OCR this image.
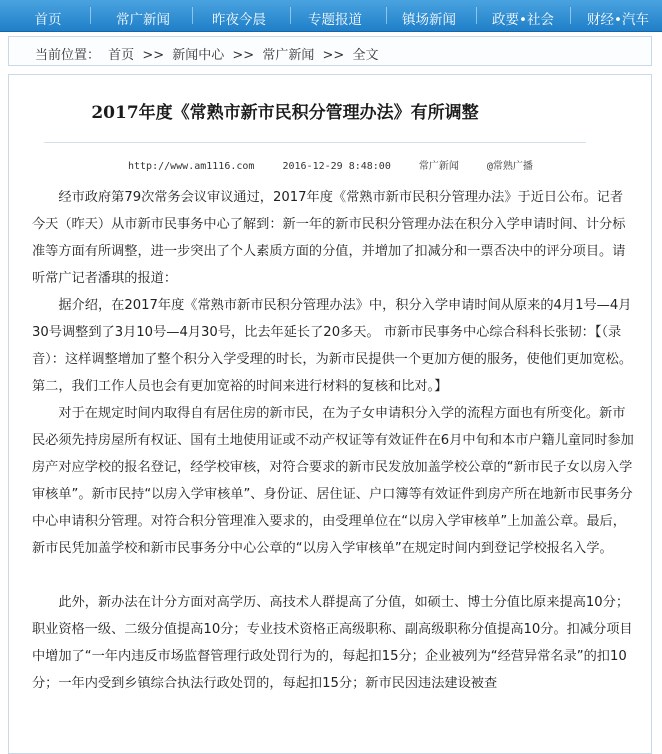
首页	常广新闻	昨夜今晨	专题报道	镇场新闻	政要•社会	财经•汽车
当前位置： 首页 >> 新闻中心 >> 常广新闻 >> 全文
2017年度《常熟市新市民积分管理办法》有所调整
http://www.am1116.com	2016-12-29 8:48:00	常广新闻	@常熟广播

经市政府第79次常务会议审议通过，2017年度《常熟市新市民积分管理办法》于近日公布。记者今天（昨天）从市新市民事务中心了解到：新一年的新市民积分管理办法在积分入学申请时间、计分标准等方面有所调整，进一步突出了个人素质方面的分值，并增加了扣减分和一票否决中的评分项目。请听常广记者潘琪的报道：

据介绍，在2017年度《常熟市新市民积分管理办法》中，积分入学申请时间从原来的4月1号—4月30号调整到了3月10号—4月30号，比去年延长了20多天。 市新市民事务中心综合科科长张韧：【（录音）：这样调整增加了整个积分入学受理的时长，为新市民提供一个更加方便的服务，使他们更加宽松。第二，我们工作人员也会有更加宽裕的时间来进行材料的复核和比对。】

对于在规定时间内取得自有居住房的新市民，在为子女申请积分入学的流程方面也有所变化。新市民必须先持房屋所有权证、国有土地使用证或不动产权证等有效证件在6月中旬和本市户籍儿童同时参加房产对应学校的报名登记，经学校审核，对符合要求的新市民发放加盖学校公章的“新市民子女以房入学审核单”。新市民持“以房入学审核单”、身份证、居住证、户口簿等有效证件到房产所在地新市民事务分中心申请积分管理。对符合积分管理准入要求的，由受理单位在“以房入学审核单”上加盖公章。最后，新市民凭加盖学校和新市民事务分中心公章的“以房入学审核单”在规定时间内到登记学校报名入学。

此外，新办法在计分方面对高学历、高技术人群提高了分值，如硕士、博士分值比原来提高10分；职业资格一级、二级分值提高10分；专业技术资格正高级职称、副高级职称分值提高10分。扣减分项目中增加了“一年内违反市场监督管理行政处罚行为的，每起扣15分；企业被列为“经营异常名录”的扣10分；一年内受到乡镇综合执法行政处罚的，每起扣15分；新市民因违法建设被查
